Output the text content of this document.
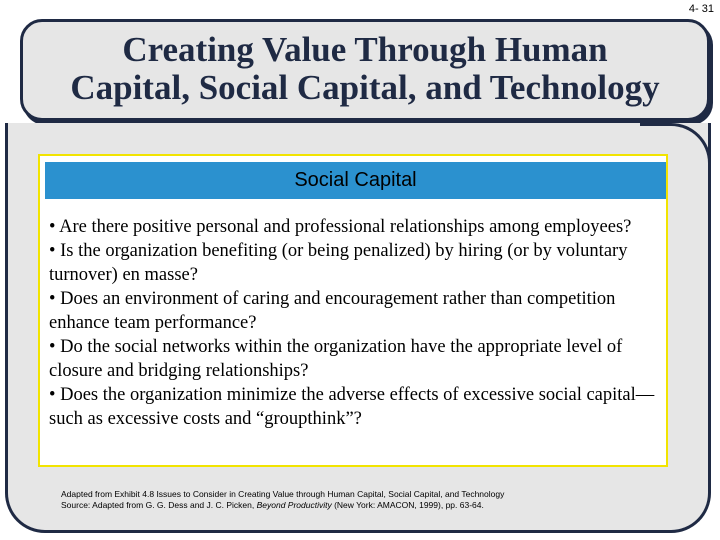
4- 31
Creating Value Through Human
Capital, Social Capital, and Technology
Social Capital
• Are there positive personal and professional relationships among employees?
• Is the organization benefiting (or being penalized) by hiring (or by voluntary turnover) en masse?
• Does an environment of caring and encouragement rather than competition enhance team performance?
• Do the social networks within the organization have the appropriate level of closure and bridging relationships?
• Does the organization minimize the adverse effects of excessive social capital—such as excessive costs and “groupthink”?
Adapted from Exhibit 4.8 Issues to Consider in Creating Value through Human Capital, Social Capital, and Technology
Source: Adapted from G. G. Dess and J. C. Picken, Beyond Productivity (New York: AMACON, 1999), pp. 63-64.
